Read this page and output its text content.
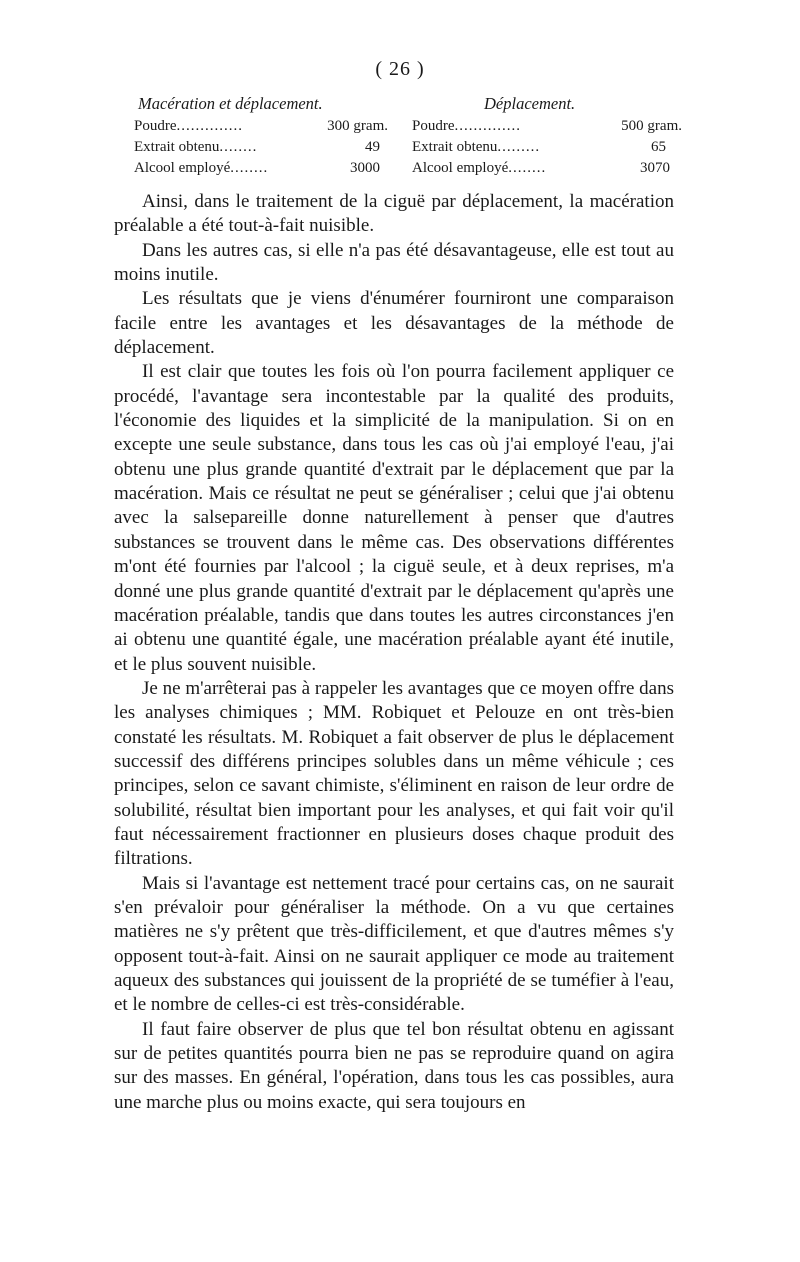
( 26 )
Macération et déplacement.
Poudre..............	300 gram.
Extrait obtenu........	49
Alcool employé........	3000
Déplacement.
Poudre..............	500 gram.
Extrait obtenu.........	65
Alcool employé........	3070

Ainsi, dans le traitement de la ciguë par déplacement, la macération préalable a été tout-à-fait nuisible.

Dans les autres cas, si elle n'a pas été désavantageuse, elle est tout au moins inutile.

Les résultats que je viens d'énumérer fourniront une comparaison facile entre les avantages et les désavantages de la méthode de déplacement.

Il est clair que toutes les fois où l'on pourra facilement appliquer ce procédé, l'avantage sera incontestable par la qualité des produits, l'économie des liquides et la simplicité de la manipulation. Si on en excepte une seule substance, dans tous les cas où j'ai employé l'eau, j'ai obtenu une plus grande quantité d'extrait par le déplacement que par la macération. Mais ce résultat ne peut se généraliser ; celui que j'ai obtenu avec la salsepareille donne naturellement à penser que d'autres substances se trouvent dans le même cas. Des observations différentes m'ont été fournies par l'alcool ; la ciguë seule, et à deux reprises, m'a donné une plus grande quantité d'extrait par le déplacement qu'après une macération préalable, tandis que dans toutes les autres circonstances j'en ai obtenu une quantité égale, une macération préalable ayant été inutile, et le plus souvent nuisible.

Je ne m'arrêterai pas à rappeler les avantages que ce moyen offre dans les analyses chimiques ; MM. Robiquet et Pelouze en ont très-bien constaté les résultats. M. Robiquet a fait observer de plus le déplacement successif des différens principes solubles dans un même véhicule ; ces principes, selon ce savant chimiste, s'éliminent en raison de leur ordre de solubilité, résultat bien important pour les analyses, et qui fait voir qu'il faut nécessairement fractionner en plusieurs doses chaque produit des filtrations.

Mais si l'avantage est nettement tracé pour certains cas, on ne saurait s'en prévaloir pour généraliser la méthode. On a vu que certaines matières ne s'y prêtent que très-difficilement, et que d'autres mêmes s'y opposent tout-à-fait. Ainsi on ne saurait appliquer ce mode au traitement aqueux des substances qui jouissent de la propriété de se tuméfier à l'eau, et le nombre de celles-ci est très-considérable.

Il faut faire observer de plus que tel bon résultat obtenu en agissant sur de petites quantités pourra bien ne pas se reproduire quand on agira sur des masses. En général, l'opération, dans tous les cas possibles, aura une marche plus ou moins exacte, qui sera toujours en
